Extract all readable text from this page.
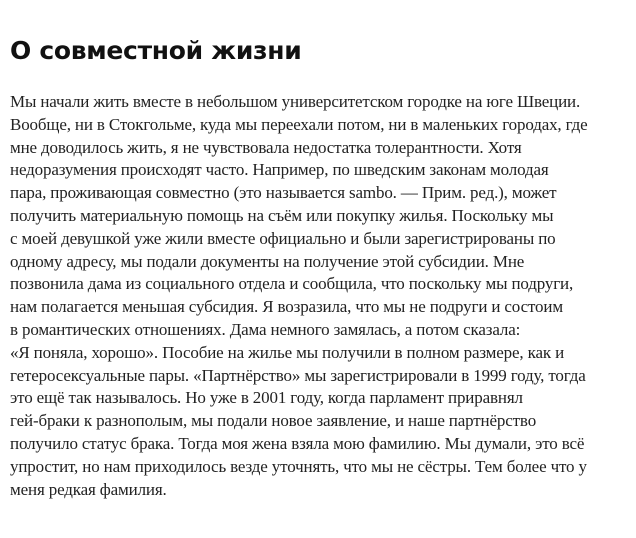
О совместной жизни
Мы начали жить вместе в небольшом университетском городке на юге Швеции.
Вообще, ни в Стокгольме, куда мы переехали потом, ни в маленьких городах, где
мне доводилось жить, я не чувствовала недостатка толерантности. Хотя
недоразумения происходят часто. Например, по шведским законам молодая
пара, проживающая совместно (это называется sambo. — Прим. ред.), может
получить материальную помощь на съём или покупку жилья. Поскольку мы
с моей девушкой уже жили вместе официально и были зарегистрированы по
одному адресу, мы подали документы на получение этой субсидии. Мне
позвонила дама из социального отдела и сообщила, что поскольку мы подруги,
нам полагается меньшая субсидия. Я возразила, что мы не подруги и состоим
в романтических отношениях. Дама немного замялась, а потом сказала:
«Я поняла, хорошо». Пособие на жилье мы получили в полном размере, как и
гетеросексуальные пары. «Партнёрство» мы зарегистрировали в 1999 году, тогда
это ещё так называлось. Но уже в 2001 году, когда парламент приравнял
гей-браки к разнополым, мы подали новое заявление, и наше партнёрство
получило статус брака. Тогда моя жена взяла мою фамилию. Мы думали, это всё
упростит, но нам приходилось везде уточнять, что мы не сёстры. Тем более что у
меня редкая фамилия.
